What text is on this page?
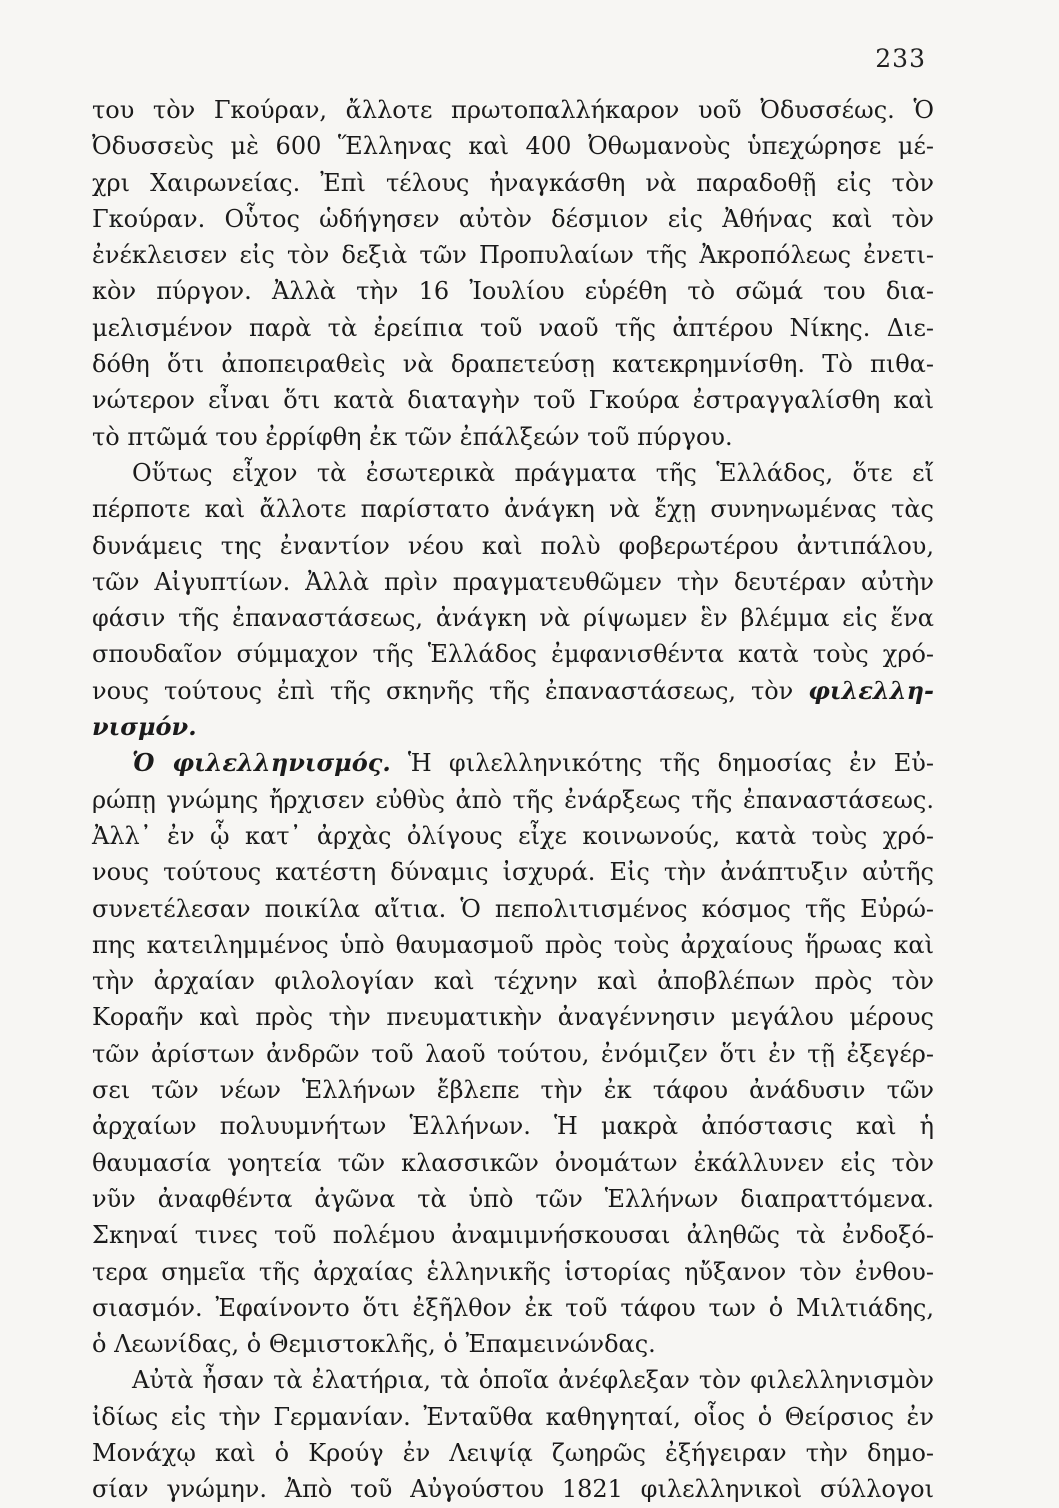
233
του τὸν Γκούραν, ἄλλοτε πρωτοπαλλήκαρον υοῦ Ὀδυσσέως. Ὁ
Ὀδυσσεὺς μὲ 600 Ἕλληνας καὶ 400 Ὀθωμανοὺς ὑπεχώρησε μέ-
χρι Χαιρωνείας. Ἐπὶ τέλους ἠναγκάσθη νὰ παραδοθῇ εἰς τὸν
Γκούραν. Οὗτος ὡδήγησεν αὐτὸν δέσμιον εἰς Ἀθήνας καὶ τὸν
ἐνέκλεισεν εἰς τὸν δεξιὰ τῶν Προπυλαίων τῆς Ἀκροπόλεως ἐνετι-
κὸν πύργον. Ἀλλὰ τὴν 16 Ἰουλίου εὑρέθη τὸ σῶμά του δια-
μελισμένον παρὰ τὰ ἐρείπια τοῦ ναοῦ τῆς ἀπτέρου Νίκης. Διε-
δόθη ὅτι ἀποπειραθεὶς νὰ δραπετεύσῃ κατεκρημνίσθη. Τὸ πιθα-
νώτερον εἶναι ὅτι κατὰ διαταγὴν τοῦ Γκούρα ἐστραγγαλίσθη καὶ
τὸ πτῶμά του ἐρρίφθη ἐκ τῶν ἐπάλξεών τοῦ πύργου.
Οὕτως εἶχον τὰ ἐσωτερικὰ πράγματα τῆς Ἑλλάδος, ὅτε εἴ
πέρποτε καὶ ἄλλοτε παρίστατο ἀνάγκη νὰ ἔχῃ συνηνωμένας τὰς
δυνάμεις της ἐναντίον νέου καὶ πολὺ φοβερωτέρου ἀντιπάλου,
τῶν Αἰγυπτίων. Ἀλλὰ πρὶν πραγματευθῶμεν τὴν δευτέραν αὐτὴν
φάσιν τῆς ἐπαναστάσεως, ἀνάγκη νὰ ρίψωμεν ἓν βλέμμα εἰς ἕνα
σπουδαῖον σύμμαχον τῆς Ἑλλάδος ἐμφανισθέντα κατὰ τοὺς χρό-
νους τούτους ἐπὶ τῆς σκηνῆς τῆς ἐπαναστάσεως, τὸν φιλελλη-
νισμόν.
Ὁ φιλελληνισμός. Ἡ φιλελληνικότης τῆς δημοσίας ἐν Εὐ-
ρώπῃ γνώμης ἤρχισεν εὐθὺς ἀπὸ τῆς ἐνάρξεως τῆς ἐπαναστάσεως.
Ἀλλ᾽ ἐν ᾧ κατ᾽ ἀρχὰς ὀλίγους εἶχε κοινωνούς, κατὰ τοὺς χρό-
νους τούτους κατέστη δύναμις ἰσχυρά. Εἰς τὴν ἀνάπτυξιν αὐτῆς
συνετέλεσαν ποικίλα αἴτια. Ὁ πεπολιτισμένος κόσμος τῆς Εὐρώ-
πης κατειλημμένος ὑπὸ θαυμασμοῦ πρὸς τοὺς ἀρχαίους ἥρωας καὶ
τὴν ἀρχαίαν φιλολογίαν καὶ τέχνην καὶ ἀποβλέπων πρὸς τὸν
Κοραῆν καὶ πρὸς τὴν πνευματικὴν ἀναγέννησιν μεγάλου μέρους
τῶν ἀρίστων ἀνδρῶν τοῦ λαοῦ τούτου, ἐνόμιζεν ὅτι ἐν τῇ ἐξεγέρ-
σει τῶν νέων Ἑλλήνων ἔβλεπε τὴν ἐκ τάφου ἀνάδυσιν τῶν
ἀρχαίων πολυυμνήτων Ἑλλήνων. Ἡ μακρὰ ἀπόστασις καὶ ἡ
θαυμασία γοητεία τῶν κλασσικῶν ὀνομάτων ἐκάλλυνεν εἰς τὸν
νῦν ἀναφθέντα ἀγῶνα τὰ ὑπὸ τῶν Ἑλλήνων διαπραττόμενα.
Σκηναί τινες τοῦ πολέμου ἀναμιμνήσκουσαι ἀληθῶς τὰ ἐνδοξό-
τερα σημεῖα τῆς ἀρχαίας ἑλληνικῆς ἱστορίας ηὔξανον τὸν ἐνθου-
σιασμόν. Ἐφαίνοντο ὅτι ἐξῆλθον ἐκ τοῦ τάφου των ὁ Μιλτιάδης,
ὁ Λεωνίδας, ὁ Θεμιστοκλῆς, ὁ Ἐπαμεινώνδας.
Αὐτὰ ἦσαν τὰ ἐλατήρια, τὰ ὁποῖα ἀνέφλεξαν τὸν φιλελληνισμὸν
ἰδίως εἰς τὴν Γερμανίαν. Ἐνταῦθα καθηγηταί, οἷος ὁ Θείρσιος ἐν
Μονάχῳ καὶ ὁ Κρούγ ἐν Λειψίᾳ ζωηρῶς ἐξήγειραν τὴν δημο-
σίαν γνώμην. Ἀπὸ τοῦ Αὐγούστου 1821 φιλελληνικοὶ σύλλογοι
